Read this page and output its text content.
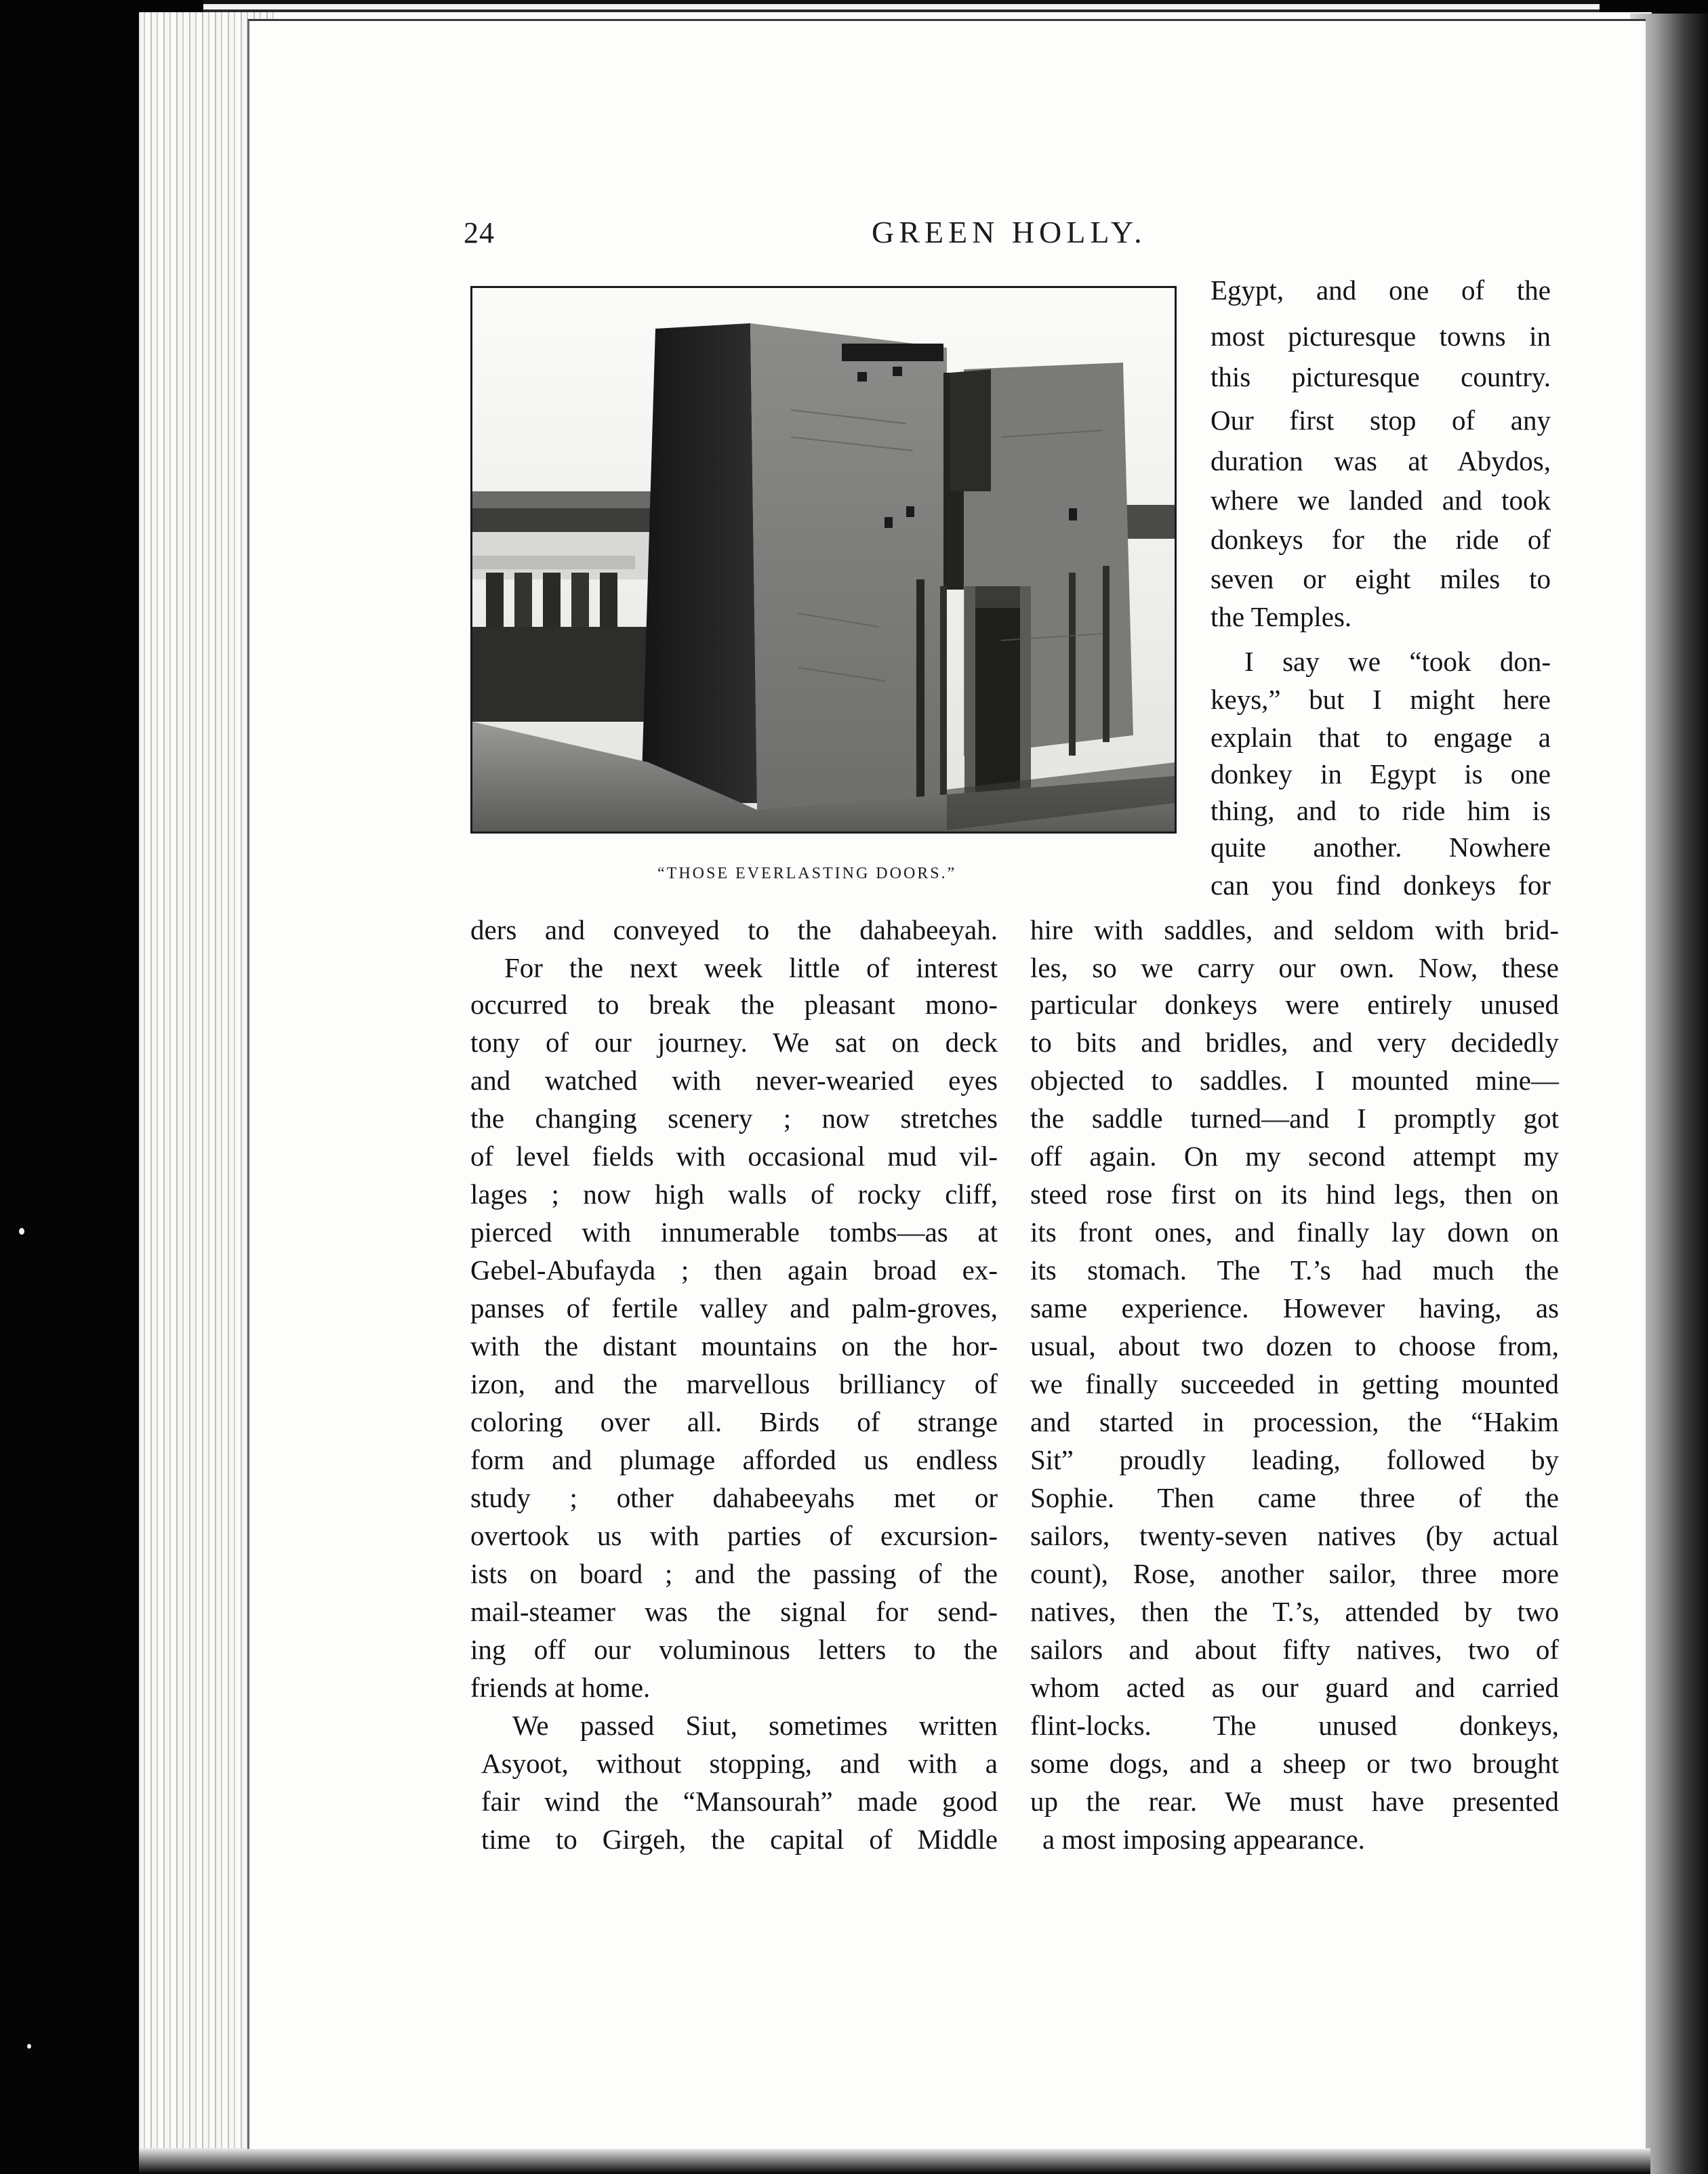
24	GREEN HOLLY.
“THOSE EVERLASTING DOORS.”

Egypt, and one of the

most picturesque towns in

this picturesque country.

Our first stop of any

duration was at Abydos,

where we landed and took

donkeys for the ride of

seven or eight miles to

the Temples.

I say we “took don-

keys,” but I might here

explain that to engage a

donkey in Egypt is one

thing, and to ride him is

quite another. Nowhere

can you find donkeys for

ders and conveyed to the dahabeeyah.

For the next week little of interest

occurred to break the pleasant mono-

tony of our journey. We sat on deck

and watched with never-wearied eyes

the changing scenery ; now stretches

of level fields with occasional mud vil-

lages ; now high walls of rocky cliff,

pierced with innumerable tombs—as at

Gebel-Abufayda ; then again broad ex-

panses of fertile valley and palm-groves,

with the distant mountains on the hor-

izon, and the marvellous brilliancy of

coloring over all. Birds of strange

form and plumage afforded us endless

study ; other dahabeeyahs met or

overtook us with parties of excursion-

ists on board ; and the passing of the

mail-steamer was the signal for send-

ing off our voluminous letters to the

friends at home.

We passed Siut, sometimes written

Asyoot, without stopping, and with a

fair wind the “Mansourah” made good

time to Girgeh, the capital of Middle

hire with saddles, and seldom with brid-

les, so we carry our own. Now, these

particular donkeys were entirely unused

to bits and bridles, and very decidedly

objected to saddles. I mounted mine—

the saddle turned—and I promptly got

off again. On my second attempt my

steed rose first on its hind legs, then on

its front ones, and finally lay down on

its stomach. The T.’s had much the

same experience. However having, as

usual, about two dozen to choose from,

we finally succeeded in getting mounted

and started in procession, the “Hakim

Sit” proudly leading, followed by

Sophie. Then came three of the

sailors, twenty-seven natives (by actual

count), Rose, another sailor, three more

natives, then the T.’s, attended by two

sailors and about fifty natives, two of

whom acted as our guard and carried

flint-locks. The unused donkeys,

some dogs, and a sheep or two brought

up the rear. We must have presented

a most imposing appearance.
